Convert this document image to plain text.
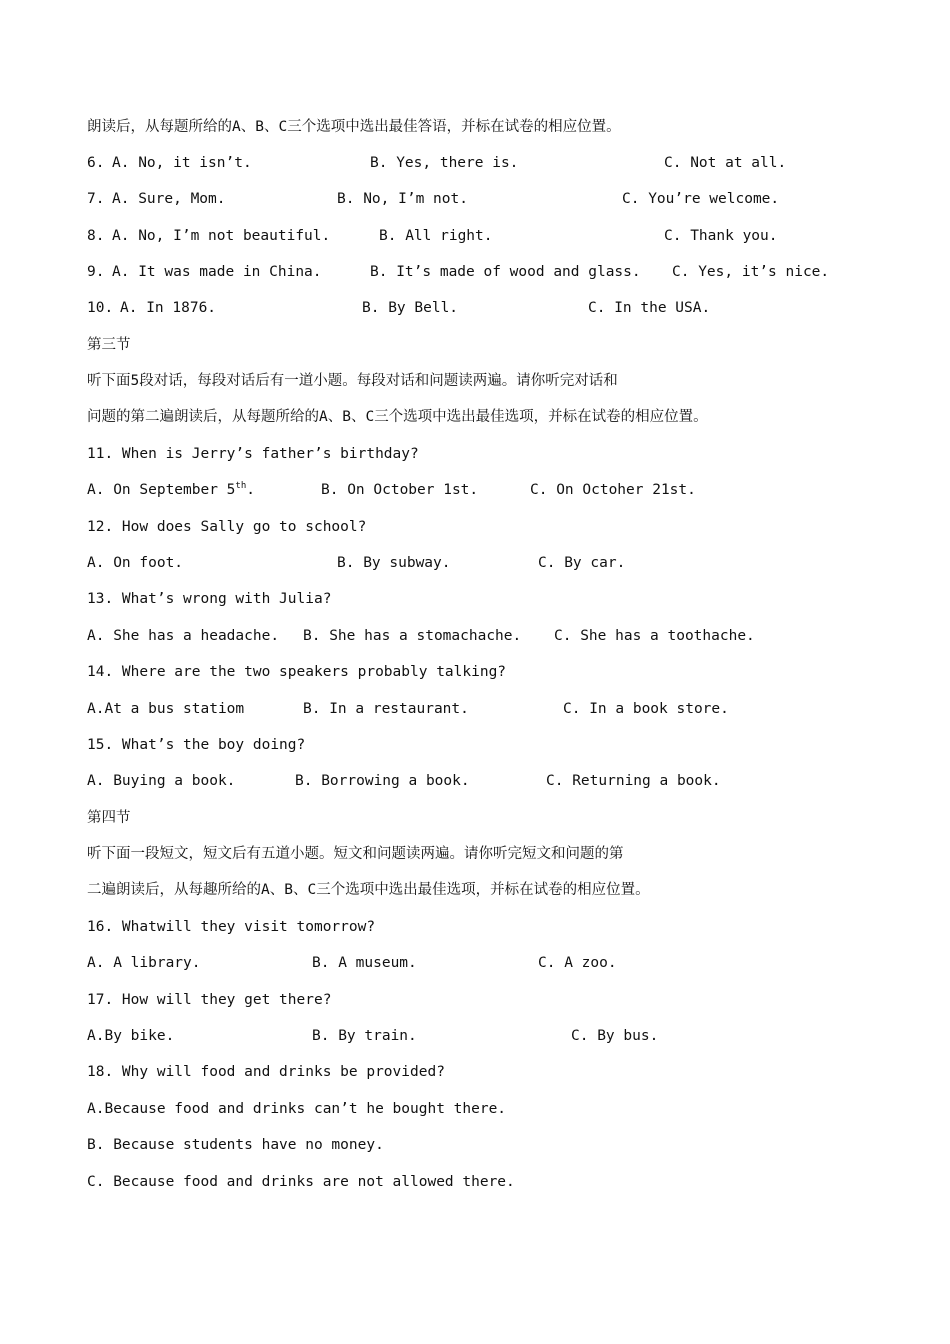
朗读后，从每题所给的A、B、C三个选项中选出最佳答语，并标在试卷的相应位置。

6.

A. No, it isn’t.

	B. Yes, there is.

	C. Not at all.

7.

A. Sure, Mom.

	B. No, I’m not.

	C. You’re welcome.

8.

A. No, I’m not beautiful.

	B. All right.

	C. Thank you.

9.

A. It was made in China.

	B. It’s made of wood and glass.

C. Yes, it’s nice.

10.

A. In 1876.

	B. By Bell.

	C. In the USA.

第三节
听下面5段对话，每段对话后有一道小题。每段对话和问题读两遍。请你听完对话和
问题的第二遍朗读后，从每题所给的A、B、C三个选项中选出最佳选项，并标在试卷的相应位置。
11. When is Jerry’s father’s birthday?

A. On September 5th.

	B. On October 1st.

	C. On Octoher 21st.

12. How does Sally go to school?

A. On foot.

	B. By subway.

	C. By car.

13. What’s wrong with Julia?

A. She has a headache.

B. She has a stomachache.

C. She has a toothache.

14. Where are the two speakers probably talking?

A.At a bus statiom

	B. In a restaurant.

	C. In a book store.

15. What’s the boy doing?

A. Buying a book.

	B. Borrowing a book.

	C. Returning a book.

第四节
听下面一段短文，短文后有五道小题。短文和问题读两遍。请你听完短文和问题的第
二遍朗读后，从每趣所给的A、B、C三个选项中选出最佳选项，并标在试卷的相应位置。
16. Whatwill they visit tomorrow?

A. A library.

	B. A museum.

	C. A zoo.

17. How will they get there?

A.By bike.

	B. By train.

	C. By bus.

18. Why will food and drinks be provided?
A.Because food and drinks can’t he bought there.
B. Because students have no money.
C. Because food and drinks are not allowed there.
